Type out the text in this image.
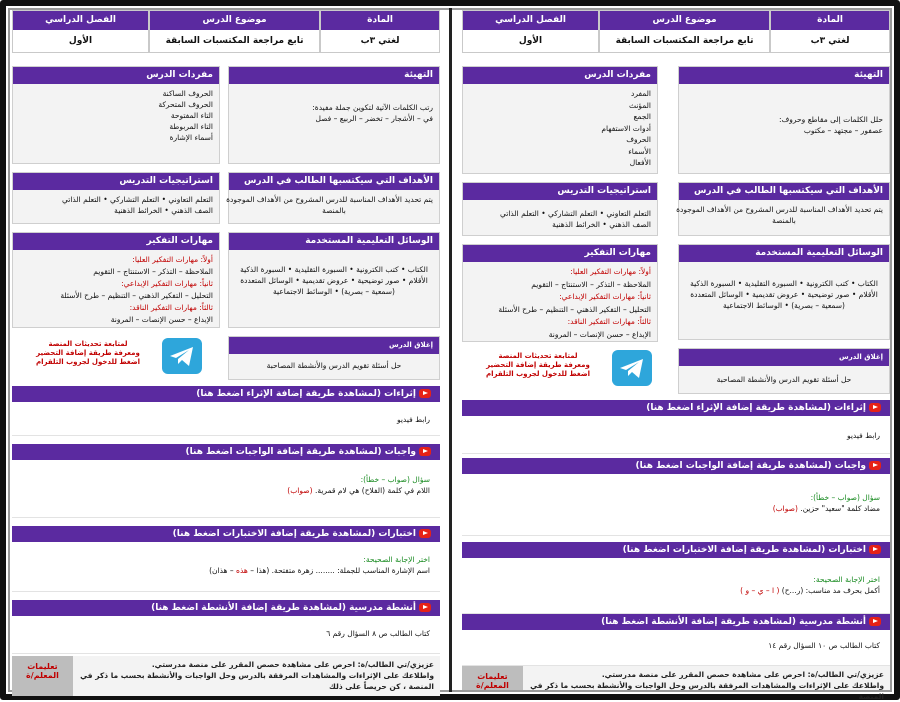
المادة
لغتي ٣ب
موضوع الدرس
تابع مراجعة المكتسبات السابقة
الفصل الدراسي
الأول
التهيئة
رتب الكلمات الآتية لتكوين جملة مفيدة:
في – الأشجار – تخضر – الربيع – فصل
مفردات الدرس
الحروف الساكنة
الحروف المتحركة
التاء المفتوحة
التاء المربوطة
أسماء الإشارة
الأهداف التي سيكتسبها الطالب في الدرس
يتم تحديد الأهداف المناسبة للدرس المشروح من الأهداف الموجودة
بالمنصة
استراتيجيات التدريس
التعلم التعاوني • التعلم التشاركي • التعلم الذاتي
الصف الذهني • الخرائط الذهنية
الوسائل التعليمية المستخدمة
الكتاب • كتب الكترونية • السبورة التقليدية • السبورة الذكية
الأقلام • صور توضيحية • عروض تقديمية • الوسائل المتعددة
(سمعية – بصرية) • الوسائط الاجتماعية
مهارات التفكير
أولاً: مهارات التفكير العليا:
الملاحظة – التذكر – الاستنتاج – التقويم
ثانياً: مهارات التفكير الإبداعي:
التحليل – التفكير الذهني – التنظيم – طرح الأسئلة
ثالثاً: مهارات التفكير الناقد:
الإبداع – حسن الإنصات – المرونة
إغلاق الدرس
حل أسئلة تقويم الدرس والأنشطة المصاحبة
لمتابعة تحديثات المنصة
ومعرفة طريقة إضافة التحضير
اضغط للدخول لجروب التلقرام
إثراءات (لمشاهدة طريقة إضافة الإثراء اضغط هنا)
رابط فيديو
واجبات (لمشاهدة طريقة إضافة الواجبات اضغط هنا)
سؤال (صواب – خطأ):
اللام في كلمة (الفلاح) هي لام قمرية. (صواب)
اختبارات (لمشاهدة طريقة إضافة الاختبارات اضغط هنا)
اختر الإجابة الصحيحة:
اسم الإشارة المناسب للجملة: ........ زهرة متفتحة. (هذا – هذه – هذان)
أنشطة مدرسية (لمشاهدة طريقة إضافة الأنشطة اضغط هنا)
كتاب الطالب ص ٨ السؤال رقم ٦
عزيزي/تي الطالب/ة: احرص على مشاهدة حصص المقرر على منصة مدرستي.
واطلاعك على الإثراءات والمشاهدات المرفقة بالدرس وحل الواجبات والأنشطة بحسب ما ذكر في المنصة ، كن حريصاً على ذلك
تعليمات المعلم/ة
المادة
لغتي ٣ب
موضوع الدرس
تابع مراجعة المكتسبات السابقة
الفصل الدراسي
الأول
التهيئة
حلل الكلمات إلى مقاطع وحروف:
عصفور – مجتهد – مكتوب
مفردات الدرس
المفرد
المؤنث
الجمع
أدوات الاستفهام
الحروف
الأسماء
الأفعال
الأهداف التي سيكتسبها الطالب في الدرس
يتم تحديد الأهداف المناسبة للدرس المشروح من الأهداف الموجودة
بالمنصة
استراتيجيات التدريس
التعلم التعاوني • التعلم التشاركي • التعلم الذاتي
الصف الذهني • الخرائط الذهنية
الوسائل التعليمية المستخدمة
الكتاب • كتب الكترونية • السبورة التقليدية • السبورة الذكية
الأقلام • صور توضيحية • عروض تقديمية • الوسائل المتعددة
(سمعية – بصرية) • الوسائط الاجتماعية
مهارات التفكير
أولاً: مهارات التفكير العليا:
الملاحظة – التذكر – الاستنتاج – التقويم
ثانياً: مهارات التفكير الإبداعي:
التحليل – التفكير الذهني – التنظيم – طرح الأسئلة
ثالثاً: مهارات التفكير الناقد:
الإبداع – حسن الإنصات – المرونة
إغلاق الدرس
حل أسئلة تقويم الدرس والأنشطة المصاحبة
لمتابعة تحديثات المنصة
ومعرفة طريقة إضافة التحضير
اضغط للدخول لجروب التلقرام
إثراءات (لمشاهدة طريقة إضافة الإثراء اضغط هنا)
رابط فيديو
واجبات (لمشاهدة طريقة إضافة الواجبات اضغط هنا)
سؤال (صواب – خطأ):
مضاد كلمة "سعيد" حزين. (صواب)
اختبارات (لمشاهدة طريقة إضافة الاختبارات اضغط هنا)
اختر الإجابة الصحيحة:
أكمل بحرف مد مناسب: (ر...ح) ( ا – ي – و )
أنشطة مدرسية (لمشاهدة طريقة إضافة الأنشطة اضغط هنا)
كتاب الطالب ص ١٠ السؤال رقم ١٤
عزيزي/تي الطالب/ة: احرص على مشاهدة حصص المقرر على منصة مدرستي.
واطلاعك على الإثراءات والمشاهدات المرفقة بالدرس وحل الواجبات والأنشطة بحسب ما ذكر في المنصة
تعليمات المعلم/ة
